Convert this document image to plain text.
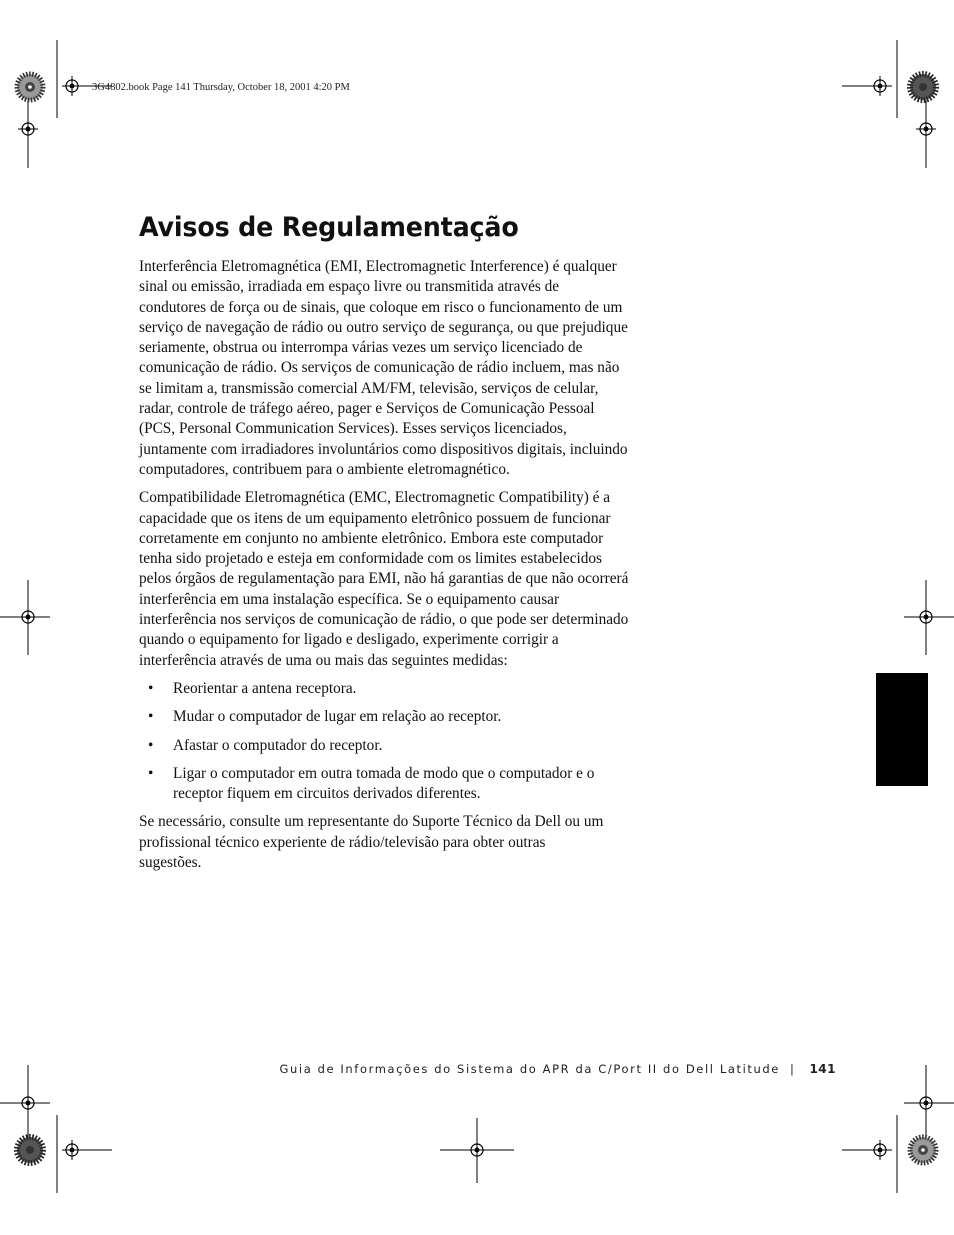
3G4802.book Page 141 Thursday, October 18, 2001 4:20 PM
Avisos de Regulamentação

Interferência Eletromagnética (EMI, Electromagnetic Interference) é qualquer sinal ou emissão, irradiada em espaço livre ou transmitida através de condutores de força ou de sinais, que coloque em risco o funcionamento de um serviço de navegação de rádio ou outro serviço de segurança, ou que prejudique seriamente, obstrua ou interrompa várias vezes um serviço licenciado de comunicação de rádio. Os serviços de comunicação de rádio incluem, mas não se limitam a, transmissão comercial AM/FM, televisão, serviços de celular, radar, controle de tráfego aéreo, pager e Serviços de Comunicação Pessoal (PCS, Personal Communication Services). Esses serviços licenciados, juntamente com irradiadores involuntários como dispositivos digitais, incluindo computadores, contribuem para o ambiente eletromagnético.

Compatibilidade Eletromagnética (EMC, Electromagnetic Compatibility) é a capacidade que os itens de um equipamento eletrônico possuem de funcionar corretamente em conjunto no ambiente eletrônico. Embora este computador tenha sido projetado e esteja em conformidade com os limites estabelecidos pelos órgãos de regulamentação para EMI, não há garantias de que não ocorrerá interferência em uma instalação específica. Se o equipamento causar interferência nos serviços de comunicação de rádio, o que pode ser determinado quando o equipamento for ligado e desligado, experimente corrigir a interferência através de uma ou mais das seguintes medidas:

• Reorientar a antena receptora.
• Mudar o computador de lugar em relação ao receptor.
• Afastar o computador do receptor.
• Ligar o computador em outra tomada de modo que o computador e o receptor fiquem em circuitos derivados diferentes.

Se necessário, consulte um representante do Suporte Técnico da Dell ou um profissional técnico experiente de rádio/televisão para obter outras sugestões.

Guia de Informações do Sistema do APR da C/Port II do Dell Latitude | 141
